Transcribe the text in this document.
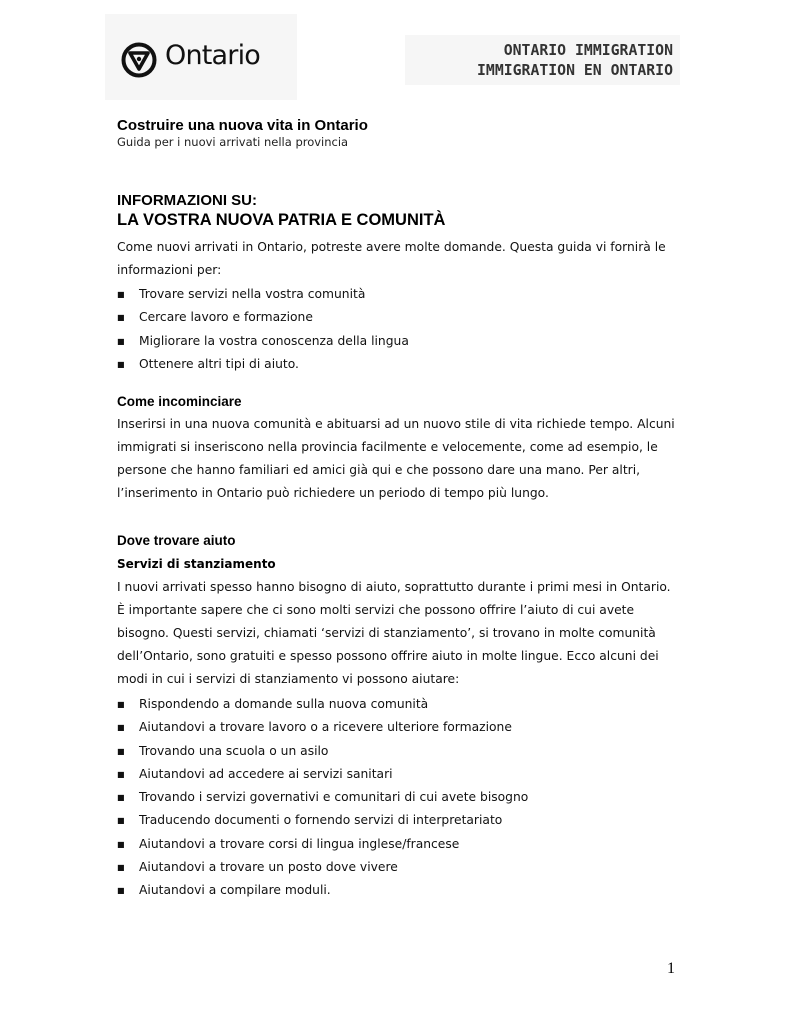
Ontario	ONTARIO IMMIGRATION
IMMIGRATION EN ONTARIO
Costruire una nuova vita in Ontario
Guida per i nuovi arrivati nella provincia
INFORMAZIONI SU:
LA VOSTRA NUOVA PATRIA E COMUNITÀ

Come nuovi arrivati in Ontario, potreste avere molte domande. Questa guida vi fornirà le informazioni per:

■ Trovare servizi nella vostra comunità
■ Cercare lavoro e formazione
■ Migliorare la vostra conoscenza della lingua
■ Ottenere altri tipi di aiuto.
Come incominciare

Inserirsi in una nuova comunità e abituarsi ad un nuovo stile di vita richiede tempo. Alcuni immigrati si inseriscono nella provincia facilmente e velocemente, come ad esempio, le persone che hanno familiari ed amici già qui e che possono dare una mano. Per altri, l’inserimento in Ontario può richiedere un periodo di tempo più lungo.

Dove trovare aiuto
Servizi di stanziamento

I nuovi arrivati spesso hanno bisogno di aiuto, soprattutto durante i primi mesi in Ontario. È importante sapere che ci sono molti servizi che possono offrire l’aiuto di cui avete bisogno. Questi servizi, chiamati ‘servizi di stanziamento’, si trovano in molte comunità dell’Ontario, sono gratuiti e spesso possono offrire aiuto in molte lingue. Ecco alcuni dei modi in cui i servizi di stanziamento vi possono aiutare:

■ Rispondendo a domande sulla nuova comunità
■ Aiutandovi a trovare lavoro o a ricevere ulteriore formazione
■ Trovando una scuola o un asilo
■ Aiutandovi ad accedere ai servizi sanitari
■ Trovando i servizi governativi e comunitari di cui avete bisogno
■ Traducendo documenti o fornendo servizi di interpretariato
■ Aiutandovi a trovare corsi di lingua inglese/francese
■ Aiutandovi a trovare un posto dove vivere
■ Aiutandovi a compilare moduli.
1
